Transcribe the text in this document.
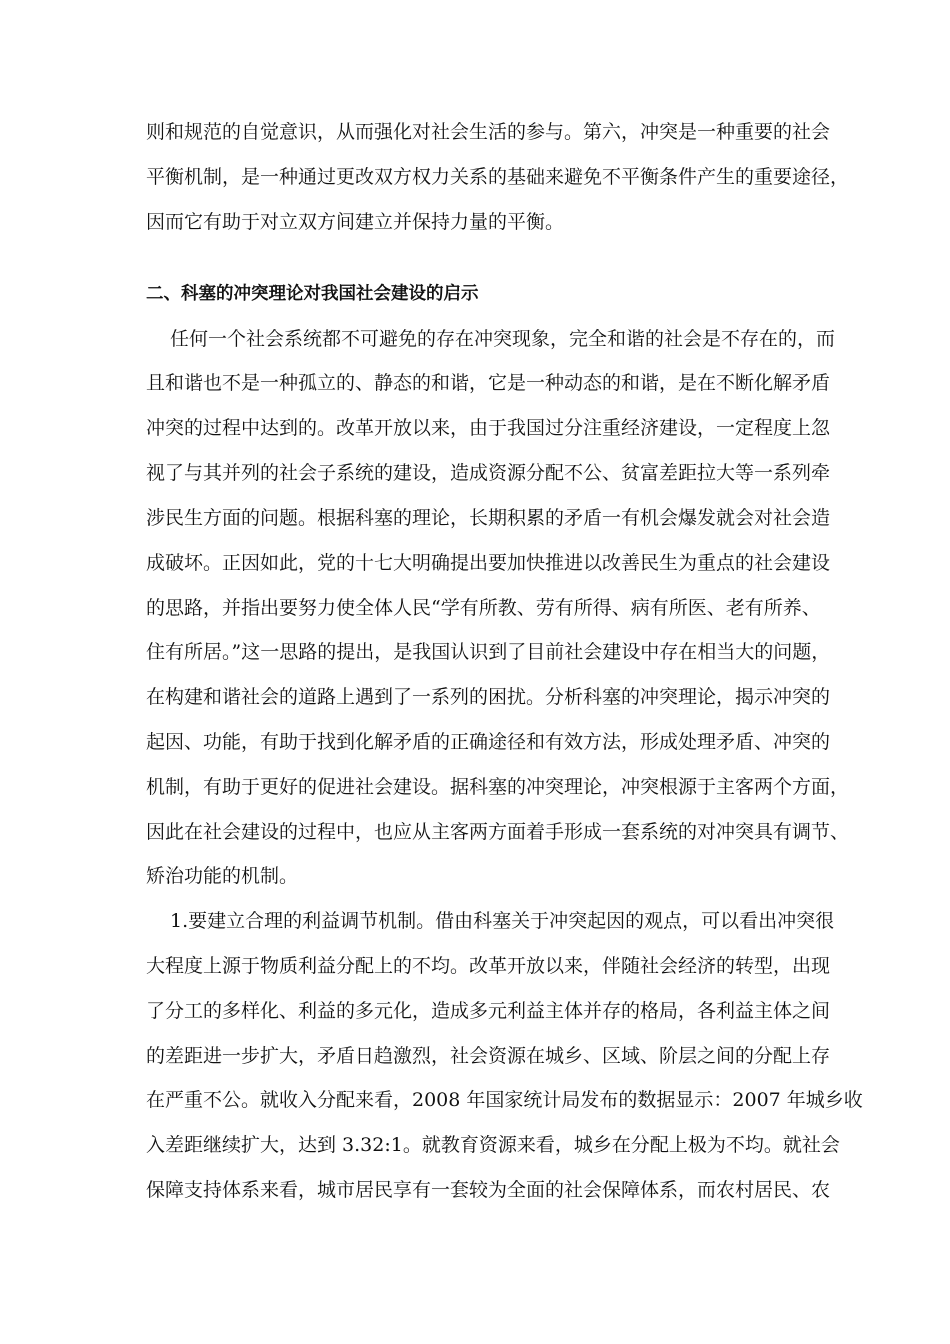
则和规范的自觉意识，从而强化对社会生活的参与。第六，冲突是一种重要的社会
平衡机制，是一种通过更改双方权力关系的基础来避免不平衡条件产生的重要途径，
因而它有助于对立双方间建立并保持力量的平衡。
二、科塞的冲突理论对我国社会建设的启示
任何一个社会系统都不可避免的存在冲突现象，完全和谐的社会是不存在的，而
且和谐也不是一种孤立的、静态的和谐，它是一种动态的和谐，是在不断化解矛盾
冲突的过程中达到的。改革开放以来，由于我国过分注重经济建设，一定程度上忽
视了与其并列的社会子系统的建设，造成资源分配不公、贫富差距拉大等一系列牵
涉民生方面的问题。根据科塞的理论，长期积累的矛盾一有机会爆发就会对社会造
成破坏。正因如此，党的十七大明确提出要加快推进以改善民生为重点的社会建设
的思路，并指出要努力使全体人民“学有所教、劳有所得、病有所医、老有所养、
住有所居。”这一思路的提出，是我国认识到了目前社会建设中存在相当大的问题，
在构建和谐社会的道路上遇到了一系列的困扰。分析科塞的冲突理论，揭示冲突的
起因、功能，有助于找到化解矛盾的正确途径和有效方法，形成处理矛盾、冲突的
机制，有助于更好的促进社会建设。据科塞的冲突理论，冲突根源于主客两个方面，
因此在社会建设的过程中，也应从主客两方面着手形成一套系统的对冲突具有调节、
矫治功能的机制。
1.要建立合理的利益调节机制。借由科塞关于冲突起因的观点，可以看出冲突很
大程度上源于物质利益分配上的不均。改革开放以来，伴随社会经济的转型，出现
了分工的多样化、利益的多元化，造成多元利益主体并存的格局，各利益主体之间
的差距进一步扩大，矛盾日趋激烈，社会资源在城乡、区域、阶层之间的分配上存
在严重不公。就收入分配来看，2008 年国家统计局发布的数据显示：2007 年城乡收
入差距继续扩大，达到 3.32:1。就教育资源来看，城乡在分配上极为不均。就社会
保障支持体系来看，城市居民享有一套较为全面的社会保障体系，而农村居民、农
